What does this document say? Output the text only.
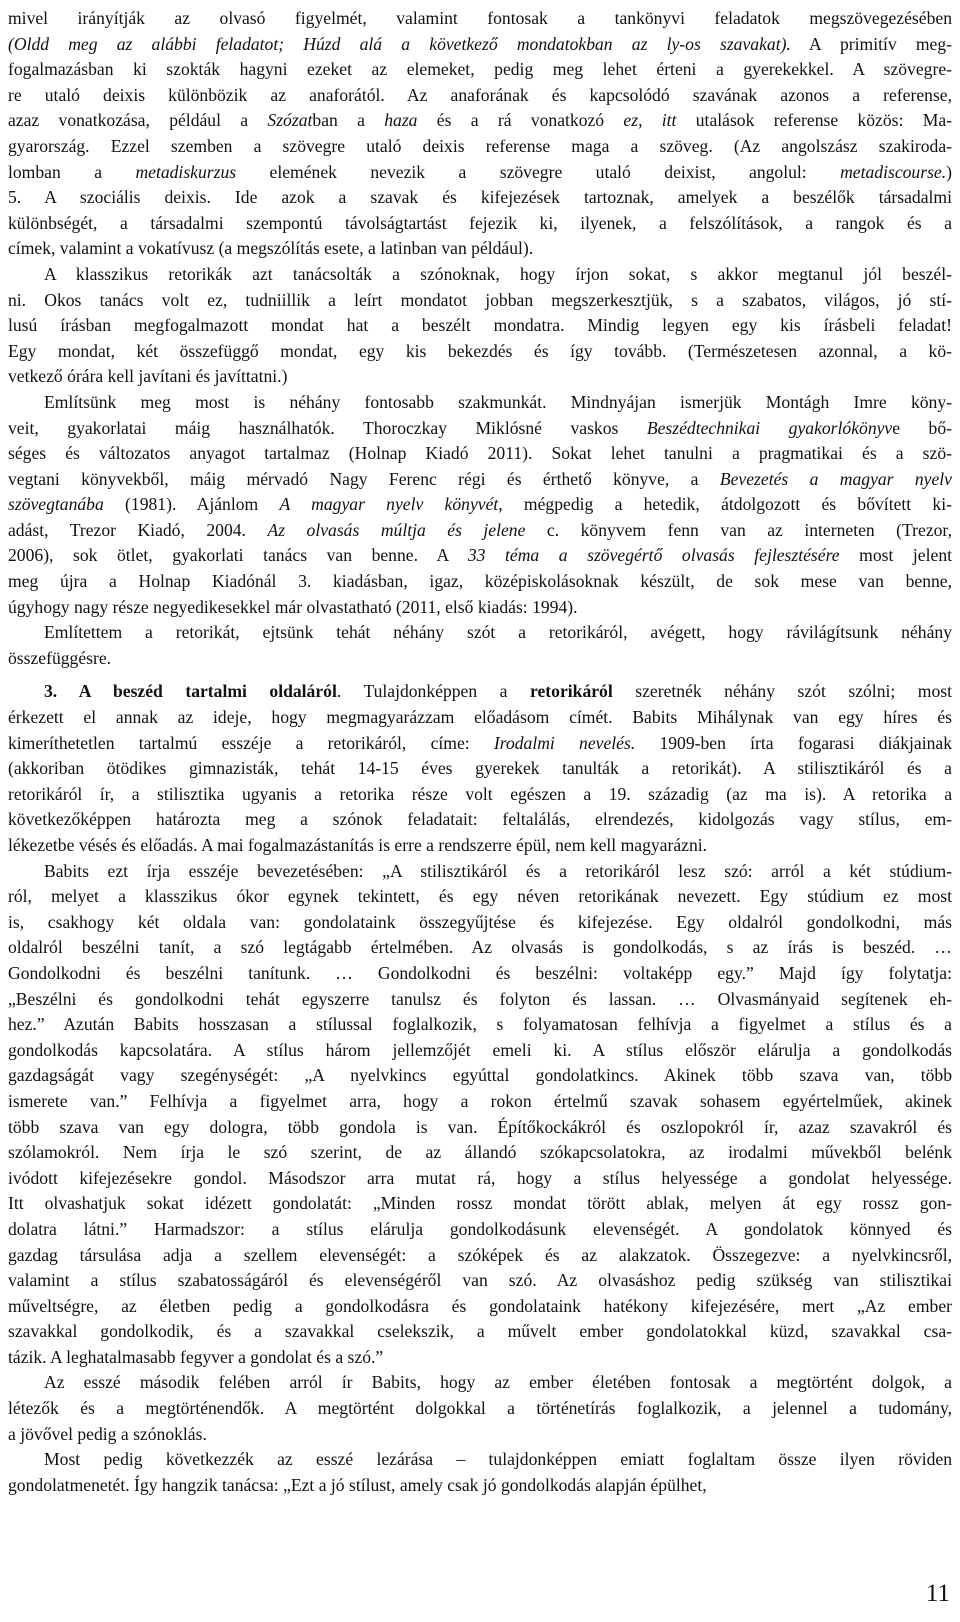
mivel irányítják az olvasó figyelmét, valamint fontosak a tankönyvi feladatok megszövegezésében
(Oldd meg az alábbi feladatot; Húzd alá a következő mondatokban az ly-os szavakat). A primitív meg-
fogalmazásban ki szokták hagyni ezeket az elemeket, pedig meg lehet érteni a gyerekekkel. A szövegre-
re utaló deixis különbözik az anaforától. Az anaforának és kapcsolódó szavának azonos a referense,
azaz vonatkozása, például a Szózatban a haza és a rá vonatkozó ez, itt utalások referense közös: Ma-
gyarország. Ezzel szemben a szövegre utaló deixis referense maga a szöveg. (Az angolszász szakiroda-
lomban a metadiskurzus elemének nevezik a szövegre utaló deixist, angolul: metadiscourse.)
5. A szociális deixis. Ide azok a szavak és kifejezések tartoznak, amelyek a beszélők társadalmi
különbségét, a társadalmi szempontú távolságtartást fejezik ki, ilyenek, a felszólítások, a rangok és a
címek, valamint a vokatívusz (a megszólítás esete, a latinban van például).
A klasszikus retorikák azt tanácsolták a szónoknak, hogy írjon sokat, s akkor megtanul jól beszél-
ni. Okos tanács volt ez, tudniillik a leírt mondatot jobban megszerkesztjük, s a szabatos, világos, jó stí-
lusú írásban megfogalmazott mondat hat a beszélt mondatra. Mindig legyen egy kis írásbeli feladat!
Egy mondat, két összefüggő mondat, egy kis bekezdés és így tovább. (Természetesen azonnal, a kö-
vetkező órára kell javítani és javíttatni.)
Említsünk meg most is néhány fontosabb szakmunkát. Mindnyájan ismerjük Montágh Imre köny-
veit, gyakorlatai máig használhatók. Thoroczkay Miklósné vaskos Beszédtechnikai gyakorlókönyve bő-
séges és változatos anyagot tartalmaz (Holnap Kiadó 2011). Sokat lehet tanulni a pragmatikai és a szö-
vegtani könyvekből, máig mérvadó Nagy Ferenc régi és érthető könyve, a Bevezetés a magyar nyelv
szövegtanába (1981). Ajánlom A magyar nyelv könyvét, mégpedig a hetedik, átdolgozott és bővített ki-
adást, Trezor Kiadó, 2004. Az olvasás múltja és jelene c. könyvem fenn van az interneten (Trezor,
2006), sok ötlet, gyakorlati tanács van benne. A 33 téma a szövegértő olvasás fejlesztésére most jelent
meg újra a Holnap Kiadónál 3. kiadásban, igaz, középiskolásoknak készült, de sok mese van benne,
úgyhogy nagy része negyedikesekkel már olvastatható (2011, első kiadás: 1994).
Említettem a retorikát, ejtsünk tehát néhány szót a retorikáról, avégett, hogy rávilágítsunk néhány
összefüggésre.
3. A beszéd tartalmi oldaláról. Tulajdonképpen a retorikáról szeretnék néhány szót szólni; most
érkezett el annak az ideje, hogy megmagyarázzam előadásom címét. Babits Mihálynak van egy híres és
kimeríthetetlen tartalmú esszéje a retorikáról, címe: Irodalmi nevelés. 1909-ben írta fogarasi diákjainak
(akkoriban ötödikes gimnazisták, tehát 14-15 éves gyerekek tanulták a retorikát). A stilisztikáról és a
retorikáról ír, a stilisztika ugyanis a retorika része volt egészen a 19. századig (az ma is). A retorika a
következőképpen határozta meg a szónok feladatait: feltalálás, elrendezés, kidolgozás vagy stílus, em-
lékezetbe vésés és előadás. A mai fogalmazástanítás is erre a rendszerre épül, nem kell magyarázni.
Babits ezt írja esszéje bevezetésében: „A stilisztikáról és a retorikáról lesz szó: arról a két stúdium-
ról, melyet a klasszikus ókor egynek tekintett, és egy néven retorikának nevezett. Egy stúdium ez most
is, csakhogy két oldala van: gondolataink összegyűjtése és kifejezése. Egy oldalról gondolkodni, más
oldalról beszélni tanít, a szó legtágabb értelmében. Az olvasás is gondolkodás, s az írás is beszéd. …
Gondolkodni és beszélni tanítunk. … Gondolkodni és beszélni: voltaképp egy.” Majd így folytatja:
„Beszélni és gondolkodni tehát egyszerre tanulsz és folyton és lassan. … Olvasmányaid segítenek eh-
hez.” Azután Babits hosszasan a stílussal foglalkozik, s folyamatosan felhívja a figyelmet a stílus és a
gondolkodás kapcsolatára. A stílus három jellemzőjét emeli ki. A stílus először elárulja a gondolkodás
gazdagságát vagy szegénységét: „A nyelvkincs egyúttal gondolatkincs. Akinek több szava van, több
ismerete van.” Felhívja a figyelmet arra, hogy a rokon értelmű szavak sohasem egyértelműek, akinek
több szava van egy dologra, több gondola is van. Építőkockákról és oszlopokról ír, azaz szavakról és
szólamokról. Nem írja le szó szerint, de az állandó szókapcsolatokra, az irodalmi művekből belénk
ivódott kifejezésekre gondol. Másodszor arra mutat rá, hogy a stílus helyessége a gondolat helyessége.
Itt olvashatjuk sokat idézett gondolatát: „Minden rossz mondat törött ablak, melyen át egy rossz gon-
dolatra látni.” Harmadszor: a stílus elárulja gondolkodásunk elevenségét. A gondolatok könnyed és
gazdag társulása adja a szellem elevenségét: a szóképek és az alakzatok. Összegezve: a nyelvkincsről,
valamint a stílus szabatosságáról és elevenségéről van szó. Az olvasáshoz pedig szükség van stilisztikai
műveltségre, az életben pedig a gondolkodásra és gondolataink hatékony kifejezésére, mert „Az ember
szavakkal gondolkodik, és a szavakkal cselekszik, a művelt ember gondolatokkal küzd, szavakkal csa-
tázik. A leghatalmasabb fegyver a gondolat és a szó.”
Az esszé második felében arról ír Babits, hogy az ember életében fontosak a megtörtént dolgok, a
létezők és a megtörténendők. A megtörtént dolgokkal a történetírás foglalkozik, a jelennel a tudomány,
a jövővel pedig a szónoklás.
Most pedig következzék az esszé lezárása – tulajdonképpen emiatt foglaltam össze ilyen röviden
gondolatmenetét. Így hangzik tanácsa: „Ezt a jó stílust, amely csak jó gondolkodás alapján épülhet,
11
